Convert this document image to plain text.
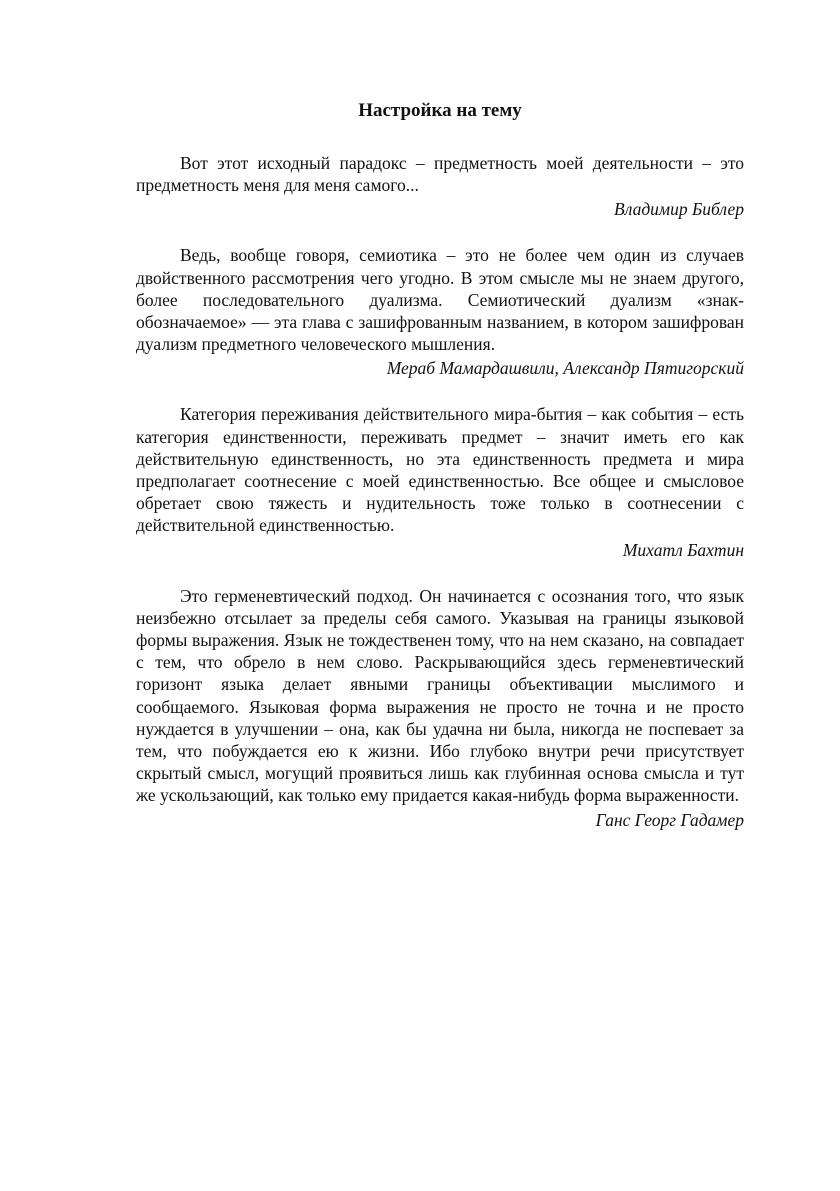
Настройка на тему

Вот этот исходный парадокс – предметность моей деятельности – это предметность меня для меня самого...

Владимир Библер

Ведь, вообще говоря, семиотика – это не более чем один из случаев двойственного рассмотрения чего угодно. В этом смысле мы не знаем другого, более последовательного дуализма. Семиотический дуализм «знак-обозначаемое» — эта глава с зашифрованным названием, в котором зашифрован дуализм предметного человеческого мышления.

Мераб Мамардашвили, Александр Пятигорский

Категория переживания действительного мира-бытия – как события – есть категория единственности, переживать предмет – значит иметь его как действительную единственность, но эта единственность предмета и мира предполагает соотнесение с моей единственностью. Все общее и смысловое обретает свою тяжесть и нудительность тоже только в соотнесении с действительной единственностью.

Михатл Бахтин

Это герменевтический подход. Он начинается с осознания того, что язык неизбежно отсылает за пределы себя самого. Указывая на границы языковой формы выражения. Язык не тождественен тому, что на нем сказано, на совпадает с тем, что обрело в нем слово. Раскрывающийся здесь герменевтический горизонт языка делает явными границы объективации мыслимого и сообщаемого. Языковая форма выражения не просто не точна и не просто нуждается в улучшении – она, как бы удачна ни была, никогда не поспевает за тем, что побуждается ею к жизни. Ибо глубоко внутри речи присутствует скрытый смысл, могущий проявиться лишь как глубинная основа смысла и тут же ускользающий, как только ему придается какая-нибудь форма выраженности.

Ганс Георг Гадамер
